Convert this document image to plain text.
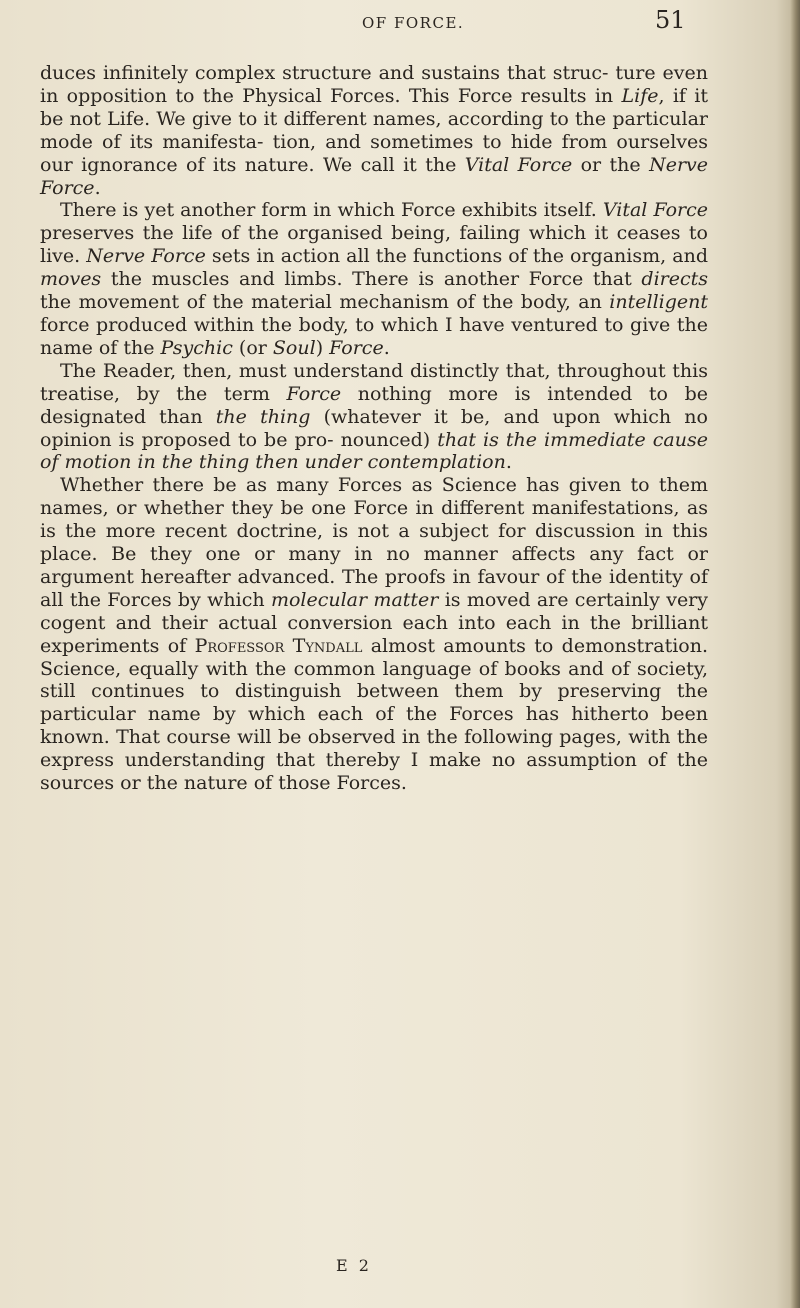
OF FORCE.	51

duces infinitely complex structure and sustains that struc- ture even in opposition to the Physical Forces. This Force results in Life, if it be not Life. We give to it different names, according to the particular mode of its manifesta- tion, and sometimes to hide from ourselves our ignorance of its nature. We call it the Vital Force or the Nerve Force.

There is yet another form in which Force exhibits itself. Vital Force preserves the life of the organised being, failing which it ceases to live. Nerve Force sets in action all the functions of the organism, and moves the muscles and limbs. There is another Force that directs the movement of the material mechanism of the body, an intelligent force produced within the body, to which I have ventured to give the name of the Psychic (or Soul) Force.

The Reader, then, must understand distinctly that, throughout this treatise, by the term Force nothing more is intended to be designated than the thing (whatever it be, and upon which no opinion is proposed to be pro- nounced) that is the immediate cause of motion in the thing then under contemplation.

Whether there be as many Forces as Science has given to them names, or whether they be one Force in different manifestations, as is the more recent doctrine, is not a subject for discussion in this place. Be they one or many in no manner affects any fact or argument hereafter advanced. The proofs in favour of the identity of all the Forces by which molecular matter is moved are certainly very cogent and their actual conversion each into each in the brilliant experiments of Professor Tyndall almost amounts to demonstration. Science, equally with the common language of books and of society, still continues to distinguish between them by preserving the particular name by which each of the Forces has hitherto been known. That course will be observed in the following pages, with the express understanding that thereby I make no assumption of the sources or the nature of those Forces.

E 2
